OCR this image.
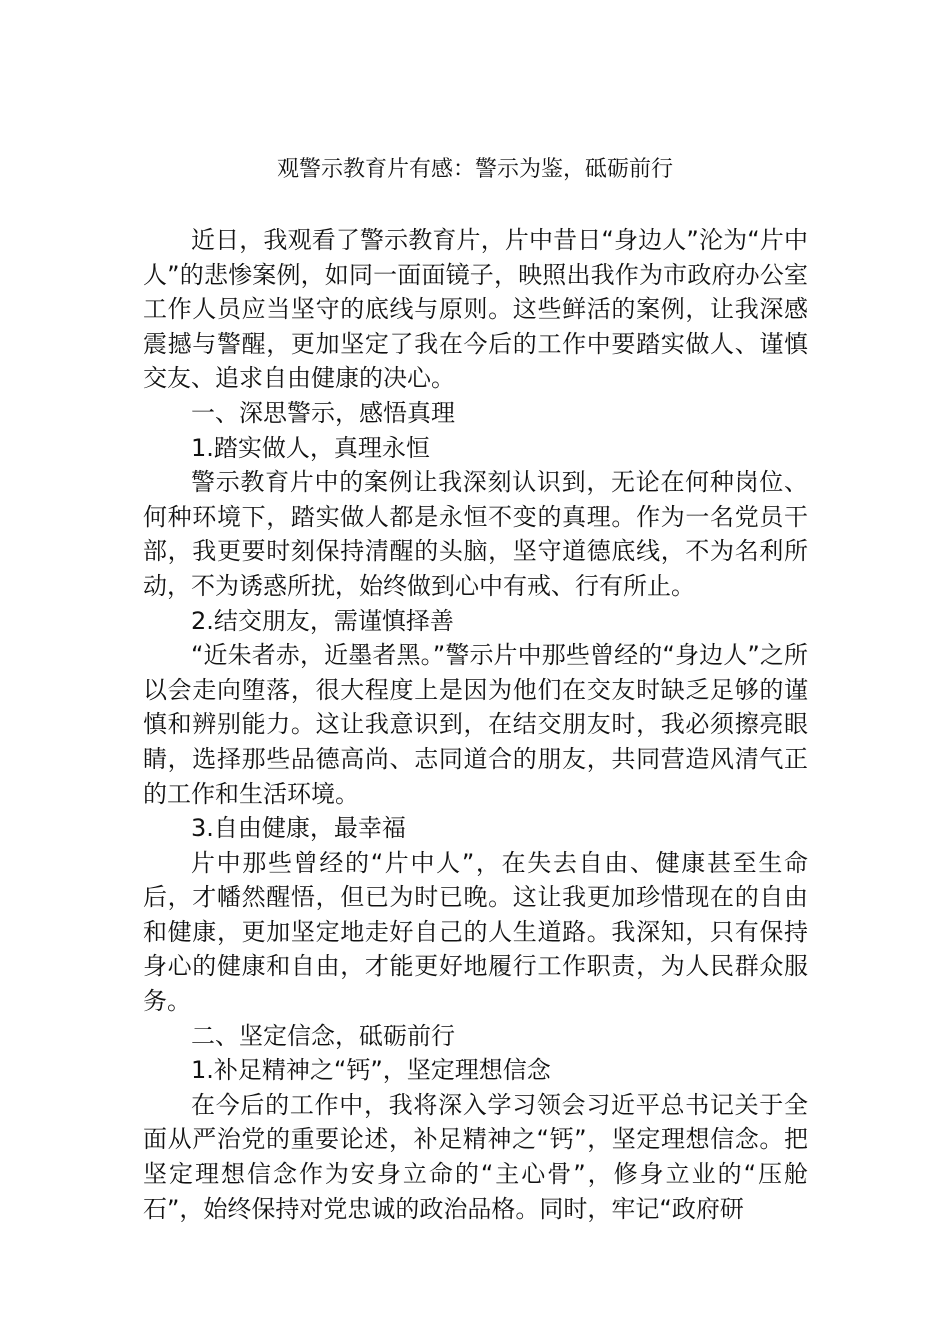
观警示教育片有感：警示为鉴，砥砺前行

近日，我观看了警示教育片，片中昔日“身边人”沦为“片中人”的悲惨案例，如同一面面镜子，映照出我作为市政府办公室工作人员应当坚守的底线与原则。这些鲜活的案例，让我深感震撼与警醒，更加坚定了我在今后的工作中要踏实做人、谨慎交友、追求自由健康的决心。

一、深思警示，感悟真理

1.踏实做人，真理永恒

警示教育片中的案例让我深刻认识到，无论在何种岗位、何种环境下，踏实做人都是永恒不变的真理。作为一名党员干部，我更要时刻保持清醒的头脑，坚守道德底线，不为名利所动，不为诱惑所扰，始终做到心中有戒、行有所止。

2.结交朋友，需谨慎择善

“近朱者赤，近墨者黑。”警示片中那些曾经的“身边人”之所以会走向堕落，很大程度上是因为他们在交友时缺乏足够的谨慎和辨别能力。这让我意识到，在结交朋友时，我必须擦亮眼睛，选择那些品德高尚、志同道合的朋友，共同营造风清气正的工作和生活环境。

3.自由健康，最幸福

片中那些曾经的“片中人”，在失去自由、健康甚至生命后，才幡然醒悟，但已为时已晚。这让我更加珍惜现在的自由和健康，更加坚定地走好自己的人生道路。我深知，只有保持身心的健康和自由，才能更好地履行工作职责，为人民群众服务。

二、坚定信念，砥砺前行

1.补足精神之“钙”，坚定理想信念

在今后的工作中，我将深入学习领会习近平总书记关于全面从严治党的重要论述，补足精神之“钙”，坚定理想信念。把坚定理想信念作为安身立命的“主心骨”，修身立业的“压舱石”，始终保持对党忠诚的政治品格。同时，牢记“政府研
